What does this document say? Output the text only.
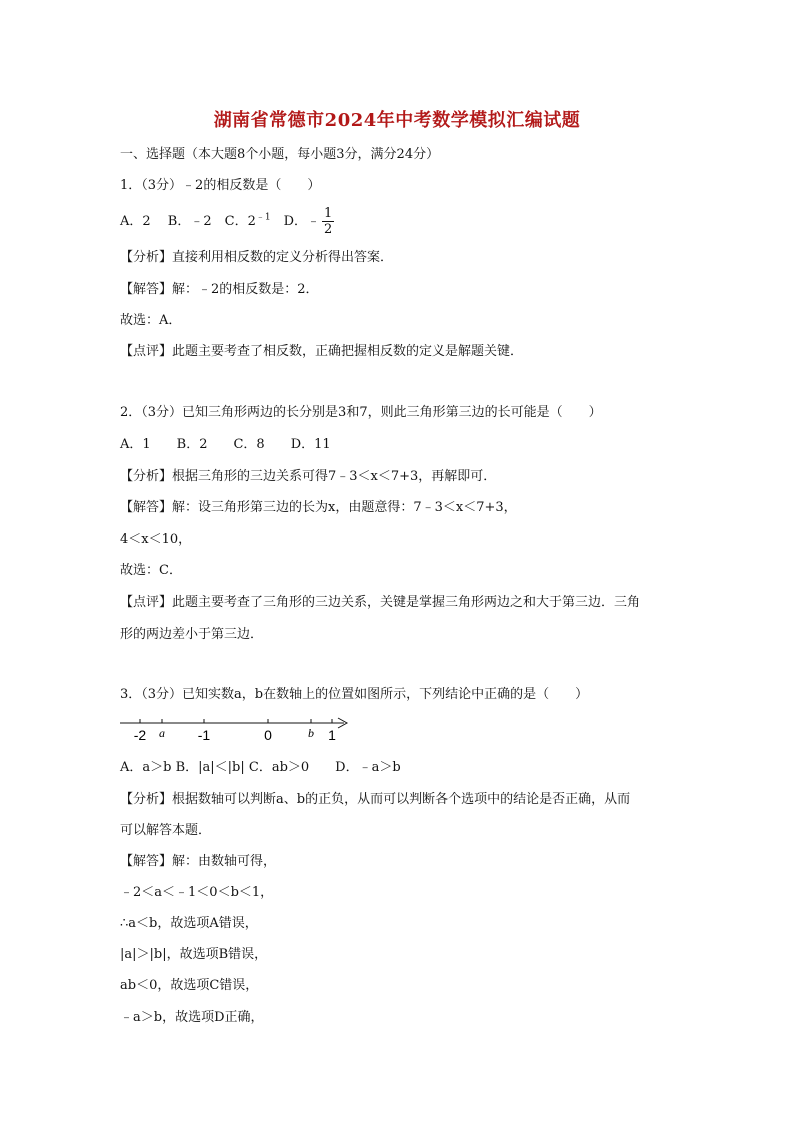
湖南省常德市2024年中考数学模拟汇编试题
一、选择题（本大题8个小题，每小题3分，满分24分）
1．（3分）﹣2的相反数是（　　）
A．2　 B．﹣2　C．$2^{﹣1}$　D．﹣ $\frac{1}{2}$
【分析】直接利用相反数的定义分析得出答案．
【解答】解：﹣2的相反数是：2．
故选：A．
【点评】此题主要考查了相反数，正确把握相反数的定义是解题关键．
2．（3分）已知三角形两边的长分别是3和7，则此三角形第三边的长可能是（　　）
A．1　　B．2　　C．8　　D．11
【分析】根据三角形的三边关系可得7﹣3＜x＜7+3，再解即可．
【解答】解：设三角形第三边的长为x，由题意得：7﹣3＜x＜7+3，
4＜x＜10，
故选：C．
【点评】此题主要考查了三角形的三边关系，关键是掌握三角形两边之和大于第三边．三角
形的两边差小于第三边．
3．（3分）已知实数a，b在数轴上的位置如图所示，下列结论中正确的是（　　）
-2 a -1	0	b 1
A．a＞b B．|a|＜|b| C．ab＞0　　D．﹣a＞b
【分析】根据数轴可以判断a、b的正负，从而可以判断各个选项中的结论是否正确，从而
可以解答本题．
【解答】解：由数轴可得，
﹣2＜a＜﹣1＜0＜b＜1，
∴a＜b，故选项A错误，
|a|＞|b|，故选项B错误，
ab＜0，故选项C错误，
﹣a＞b，故选项D正确，
